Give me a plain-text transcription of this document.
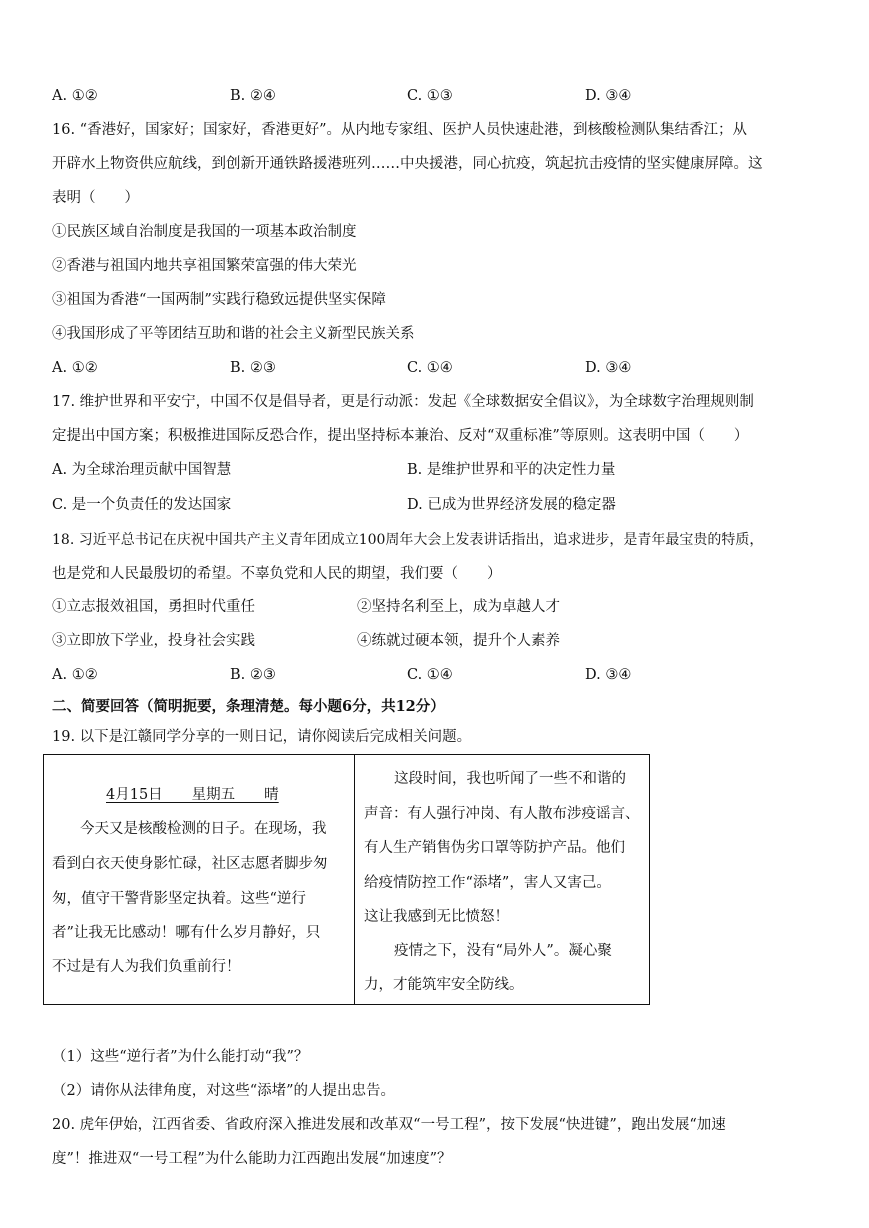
A. ①②	B. ②④	C. ①③	D. ③④
16. “香港好，国家好；国家好，香港更好”。从内地专家组、医护人员快速赴港，到核酸检测队集结香江；从
开辟水上物资供应航线，到创新开通铁路援港班列……中央援港，同心抗疫，筑起抗击疫情的坚实健康屏障。这
表明（　　）
①民族区域自治制度是我国的一项基本政治制度
②香港与祖国内地共享祖国繁荣富强的伟大荣光
③祖国为香港“一国两制”实践行稳致远提供坚实保障
④我国形成了平等团结互助和谐的社会主义新型民族关系
A. ①②	B. ②③	C. ①④	D. ③④
17. 维护世界和平安宁，中国不仅是倡导者，更是行动派：发起《全球数据安全倡议》，为全球数字治理规则制
定提出中国方案；积极推进国际反恐合作，提出坚持标本兼治、反对“双重标准”等原则。这表明中国（　　）
A. 为全球治理贡献中国智慧	B. 是维护世界和平的决定性力量
C. 是一个负责任的发达国家	D. 已成为世界经济发展的稳定器
18. 习近平总书记在庆祝中国共产主义青年团成立100周年大会上发表讲话指出，追求进步，是青年最宝贵的特质，
也是党和人民最殷切的希望。不辜负党和人民的期望，我们要（　　）
①立志报效祖国，勇担时代重任	②坚持名利至上，成为卓越人才
③立即放下学业，投身社会实践	④练就过硬本领，提升个人素养
A. ①②	B. ②③	C. ①④	D. ③④
二、简要回答（简明扼要，条理清楚。每小题6分，共12分）
19. 以下是江赣同学分享的一则日记，请你阅读后完成相关问题。
4月15日　　星期五　　晴
今天又是核酸检测的日子。在现场，我
看到白衣天使身影忙碌，社区志愿者脚步匆
匆，值守干警背影坚定执着。这些“逆行
者”让我无比感动！哪有什么岁月静好，只
不过是有人为我们负重前行！
这段时间，我也听闻了一些不和谐的
声音：有人强行冲岗、有人散布涉疫谣言、
有人生产销售伪劣口罩等防护产品。他们
给疫情防控工作“添堵”，害人又害己。
这让我感到无比愤怒！
疫情之下，没有“局外人”。凝心聚
力，才能筑牢安全防线。
（1）这些“逆行者”为什么能打动“我”？
（2）请你从法律角度，对这些“添堵”的人提出忠告。
20. 虎年伊始，江西省委、省政府深入推进发展和改革双“一号工程”，按下发展“快进键”，跑出发展“加速
度”！推进双“一号工程”为什么能助力江西跑出发展“加速度”？
